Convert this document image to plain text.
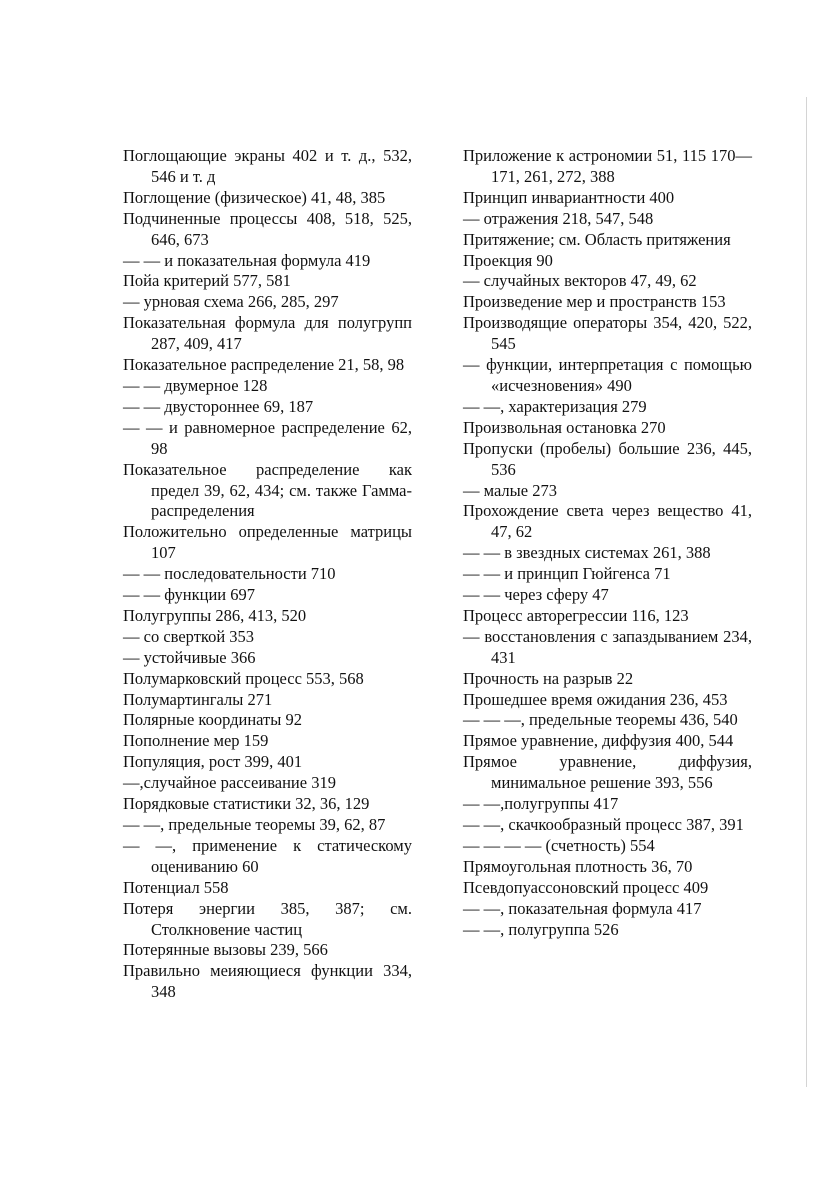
Поглощающие экраны 402 и т. д., 532, 546 и т. д

Поглощение (физическое) 41, 48, 385

Подчиненные процессы 408, 518, 525, 646, 673

— — и показательная формула 419

Пойа критерий 577, 581

— урновая схема 266, 285, 297

Показательная формула для полугрупп 287, 409, 417

Показательное распределение 21, 58, 98

— — двумерное 128

— — двустороннее 69, 187

— — и равномерное распределение 62, 98

Показательное распределение как предел 39, 62, 434; см. также Гамма-распределения

Положительно определенные матрицы 107

— — последовательности 710

— — функции 697

Полугруппы 286, 413, 520

— со сверткой 353

— устойчивые 366

Полумарковский процесс 553, 568

Полумартингалы 271

Полярные координаты 92

Пополнение мер 159

Популяция, рост 399, 401

—,случайное рассеивание 319

Порядковые статистики 32, 36, 129

— —, предельные теоремы 39, 62, 87

— —, применение к статическому оцениванию 60

Потенциал 558

Потеря энергии 385, 387; см. Столкновение частиц

Потерянные вызовы 239, 566

Правильно меияющиеся функции 334, 348

Приложение к астрономии 51, 115 170—171, 261, 272, 388

Принцип инвариантности 400

— отражения 218, 547, 548

Притяжение; см. Область притяжения

Проекция 90

— случайных векторов 47, 49, 62

Произведение мер и пространств 153

Производящие операторы 354, 420, 522, 545

— функции, интерпретация с помощью «исчезновения» 490

— —, характеризация 279

Произвольная остановка 270

Пропуски (пробелы) большие 236, 445, 536

— малые 273

Прохождение света через вещество 41, 47, 62

— — в звездных системах 261, 388

— — и принцип Гюйгенса 71

— — через сферу 47

Процесс авторегрессии 116, 123

— восстановления с запаздыванием 234, 431

Прочность на разрыв 22

Прошедшее время ожидания 236, 453

— — —, предельные теоремы 436, 540

Прямое уравнение, диффузия 400, 544

Прямое уравнение, диффузия, минимальное решение 393, 556

— —,полугруппы 417

— —, скачкообразный процесс 387, 391

— — — — (счетность) 554

Прямоугольная плотность 36, 70

Псевдопуассоновский процесс 409

— —, показательная формула 417

— —, полугруппа 526
